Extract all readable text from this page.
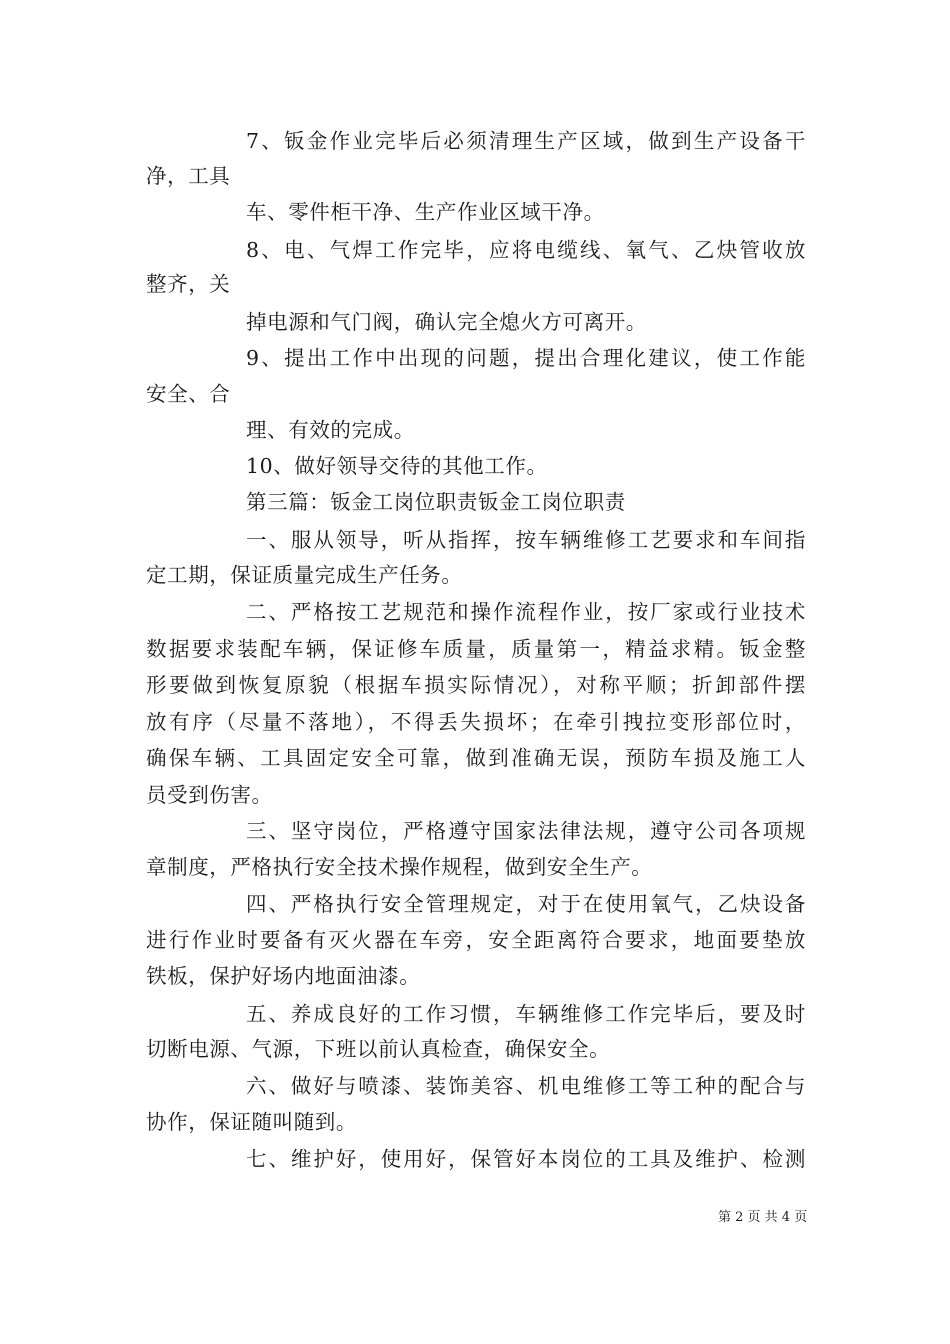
7、钣金作业完毕后必须清理生产区域，做到生产设备干
净，工具
车、零件柜干净、生产作业区域干净。
8、电、气焊工作完毕，应将电缆线、氧气、乙炔管收放
整齐，关
掉电源和气门阀，确认完全熄火方可离开。
9、提出工作中出现的问题，提出合理化建议，使工作能
安全、合
理、有效的完成。
10、做好领导交待的其他工作。
第三篇：钣金工岗位职责钣金工岗位职责
一、服从领导，听从指挥，按车辆维修工艺要求和车间指
定工期，保证质量完成生产任务。
二、严格按工艺规范和操作流程作业，按厂家或行业技术
数据要求装配车辆，保证修车质量，质量第一，精益求精。钣金整
形要做到恢复原貌（根据车损实际情况），对称平顺；折卸部件摆
放有序（尽量不落地），不得丢失损坏；在牵引拽拉变形部位时，
确保车辆、工具固定安全可靠，做到准确无误，预防车损及施工人
员受到伤害。
三、坚守岗位，严格遵守国家法律法规，遵守公司各项规
章制度，严格执行安全技术操作规程，做到安全生产。
四、严格执行安全管理规定，对于在使用氧气，乙炔设备
进行作业时要备有灭火器在车旁，安全距离符合要求，地面要垫放
铁板，保护好场内地面油漆。
五、养成良好的工作习惯，车辆维修工作完毕后，要及时
切断电源、气源，下班以前认真检查，确保安全。
六、做好与喷漆、装饰美容、机电维修工等工种的配合与
协作，保证随叫随到。
七、维护好，使用好，保管好本岗位的工具及维护、检测
第 2 页 共 4 页
